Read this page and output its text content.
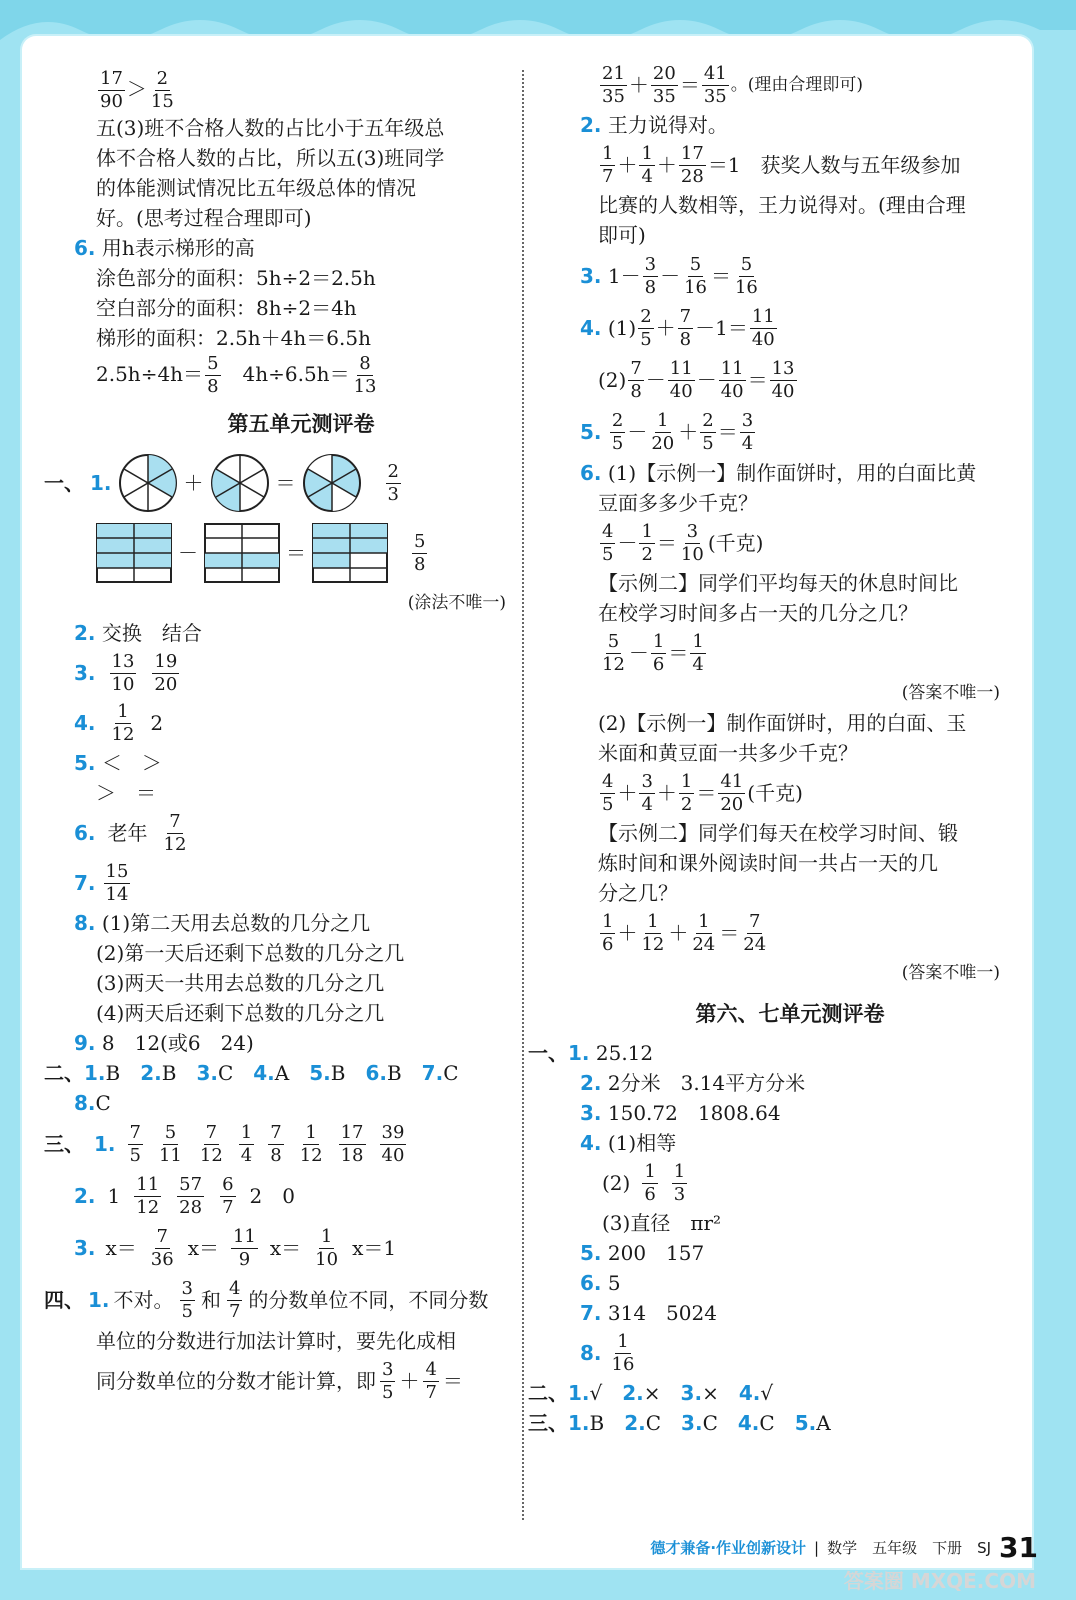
$\frac{17}{90} > \frac{2}{15}$
五(3)班不合格人数的占比小于五年级总
体不合格人数的占比，所以五(3)班同学
的体能测试情况比五年级总体的情况
好。(思考过程合理即可)
6. 用h表示梯形的高
涂色部分的面积：5h÷2＝2.5h
空白部分的面积：8h÷2＝4h
梯形的面积：2.5h＋4h＝6.5h
$2.5h\div 4h= \frac{5}{8}$ 　$4h\div 6.5h= \frac{8}{13}$
第五单元测评卷
一、 1.	＋	＝	$\frac{2}{3}$
－	＝	$\frac{5}{8}$
(涂法不唯一)
2. 交换　结合
3. $\frac{13}{10} \frac{19}{20}$
4. $\frac{1}{12} 2$
5. ＜　＞
＞　＝
6. 老年 $\frac{7}{12}$
7. $\frac{15}{14}$
8. (1)第二天用去总数的几分之几
(2)第一天后还剩下总数的几分之几
(3)两天一共用去总数的几分之几
(4)两天后还剩下总数的几分之几
9. 8　12(或6　24)
二、1.B　 2.B　 3.C　 4.A　 5.B　 6.B　 7.C
8.C
三、 1. $\frac{7}{5} \frac{5}{11} \frac{7}{12} \frac{1}{4} \frac{7}{8} \frac{1}{12} \frac{17}{18} \frac{39}{40}$
2. $1 \frac{11}{12} \frac{57}{28} \frac{6}{7} 2$　0
3. $x= \frac{7}{36} x= \frac{11}{9} x= \frac{1}{10} x=1$
四、 1. 不对。 $\frac{3}{5}$ 和 $\frac{4}{7}$ 的分数单位不同，不同分数
单位的分数进行加法计算时，要先化成相
同分数单位的分数才能计算，即 $\frac{3}{5} + \frac{4}{7}$ ＝
$\frac{21}{35} + \frac{20}{35} = \frac{41}{35}$ 。(理由合理即可)
2. 王力说得对。
$\frac{1}{7} + \frac{1}{4} + \frac{17}{28} =1$　 获奖人数与五年级参加
比赛的人数相等，王力说得对。(理由合理
即可)
3. $1- \frac{3}{8} - \frac{5}{16} = \frac{5}{16}$
4. $(1) \frac{2}{5} + \frac{7}{8} -1= \frac{11}{40}$
$(2) \frac{7}{8} - \frac{11}{40} - \frac{11}{40} = \frac{13}{40}$
5.
$\frac{2}{5} - \frac{1}{20} + \frac{2}{5} = \frac{3}{4}$
6. (1)【示例一】制作面饼时，用的白面比黄
豆面多多少千克？
$\frac{4}{5} - \frac{1}{2} = \frac{3}{10}$ (千克)
【示例二】同学们平均每天的休息时间比
在校学习时间多占一天的几分之几？
$\frac{5}{12} - \frac{1}{6} = \frac{1}{4}$
(答案不唯一)
(2)【示例一】制作面饼时，用的白面、玉
米面和黄豆面一共多少千克？
$\frac{4}{5} + \frac{3}{4} + \frac{1}{2} = \frac{41}{20}$ (千克)
【示例二】同学们每天在校学习时间、锻
炼时间和课外阅读时间一共占一天的几
分之几？
$\frac{1}{6} + \frac{1}{12} + \frac{1}{24} = \frac{7}{24}$
(答案不唯一)
第六、七单元测评卷
一、1. 25.12
2. 2分米　3.14平方分米
3. 150.72　1808.64
4. (1)相等
$(2) \frac{1}{6} \frac{1}{3}$
(3)直径　πr²
5. 200　157
6. 5
7. 314　5024
8. $\frac{1}{16}$
二、1.√　 2.×　 3.×　 4.√
三、1.B　 2.C　 3.C　 4.C　 5.A
德才兼备·作业创新设计 | 数学　五年级　下册　SJ 31
答案圈 MXQE.COM
